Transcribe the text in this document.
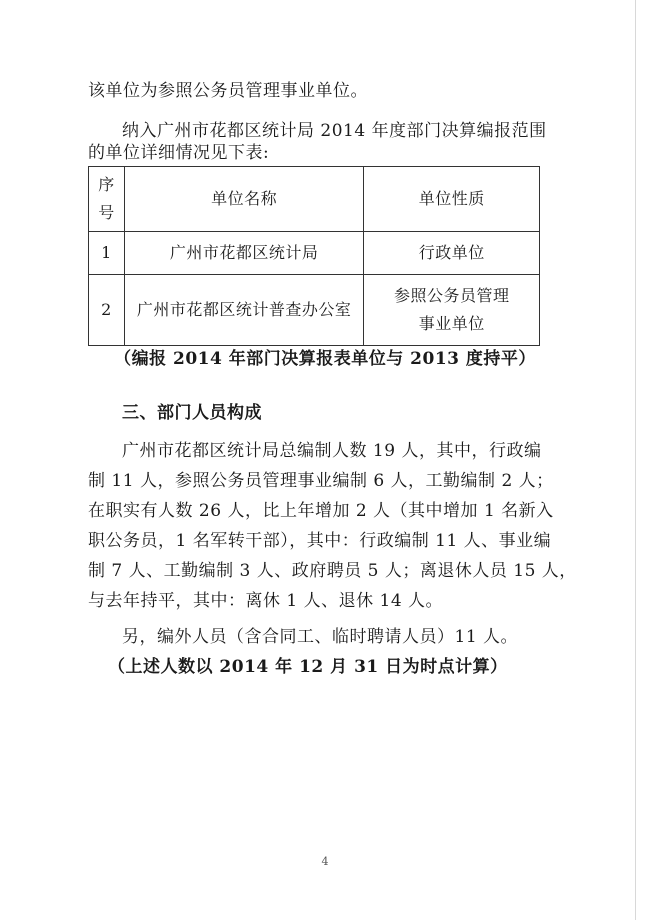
该单位为参照公务员管理事业单位。
纳入广州市花都区统计局 2014 年度部门决算编报范围
的单位详细情况见下表:
序
号	单位名称	单位性质
1	广州市花都区统计局	行政单位
2	广州市花都区统计普查办公室	参照公务员管理
事业单位
（编报 2014 年部门决算报表单位与 2013 度持平）
三、部门人员构成
广州市花都区统计局总编制人数 19 人，其中，行政编
制 11 人，参照公务员管理事业编制 6 人，工勤编制 2 人；
在职实有人数 26 人，比上年增加 2 人（其中增加 1 名新入
职公务员，1 名军转干部），其中：行政编制 11 人、事业编
制 7 人、工勤编制 3 人、政府聘员 5 人；离退休人员 15 人，
与去年持平，其中：离休 1 人、退休 14 人。
另，编外人员（含合同工、临时聘请人员）11 人。
（上述人数以 2014 年 12 月 31 日为时点计算）
4
